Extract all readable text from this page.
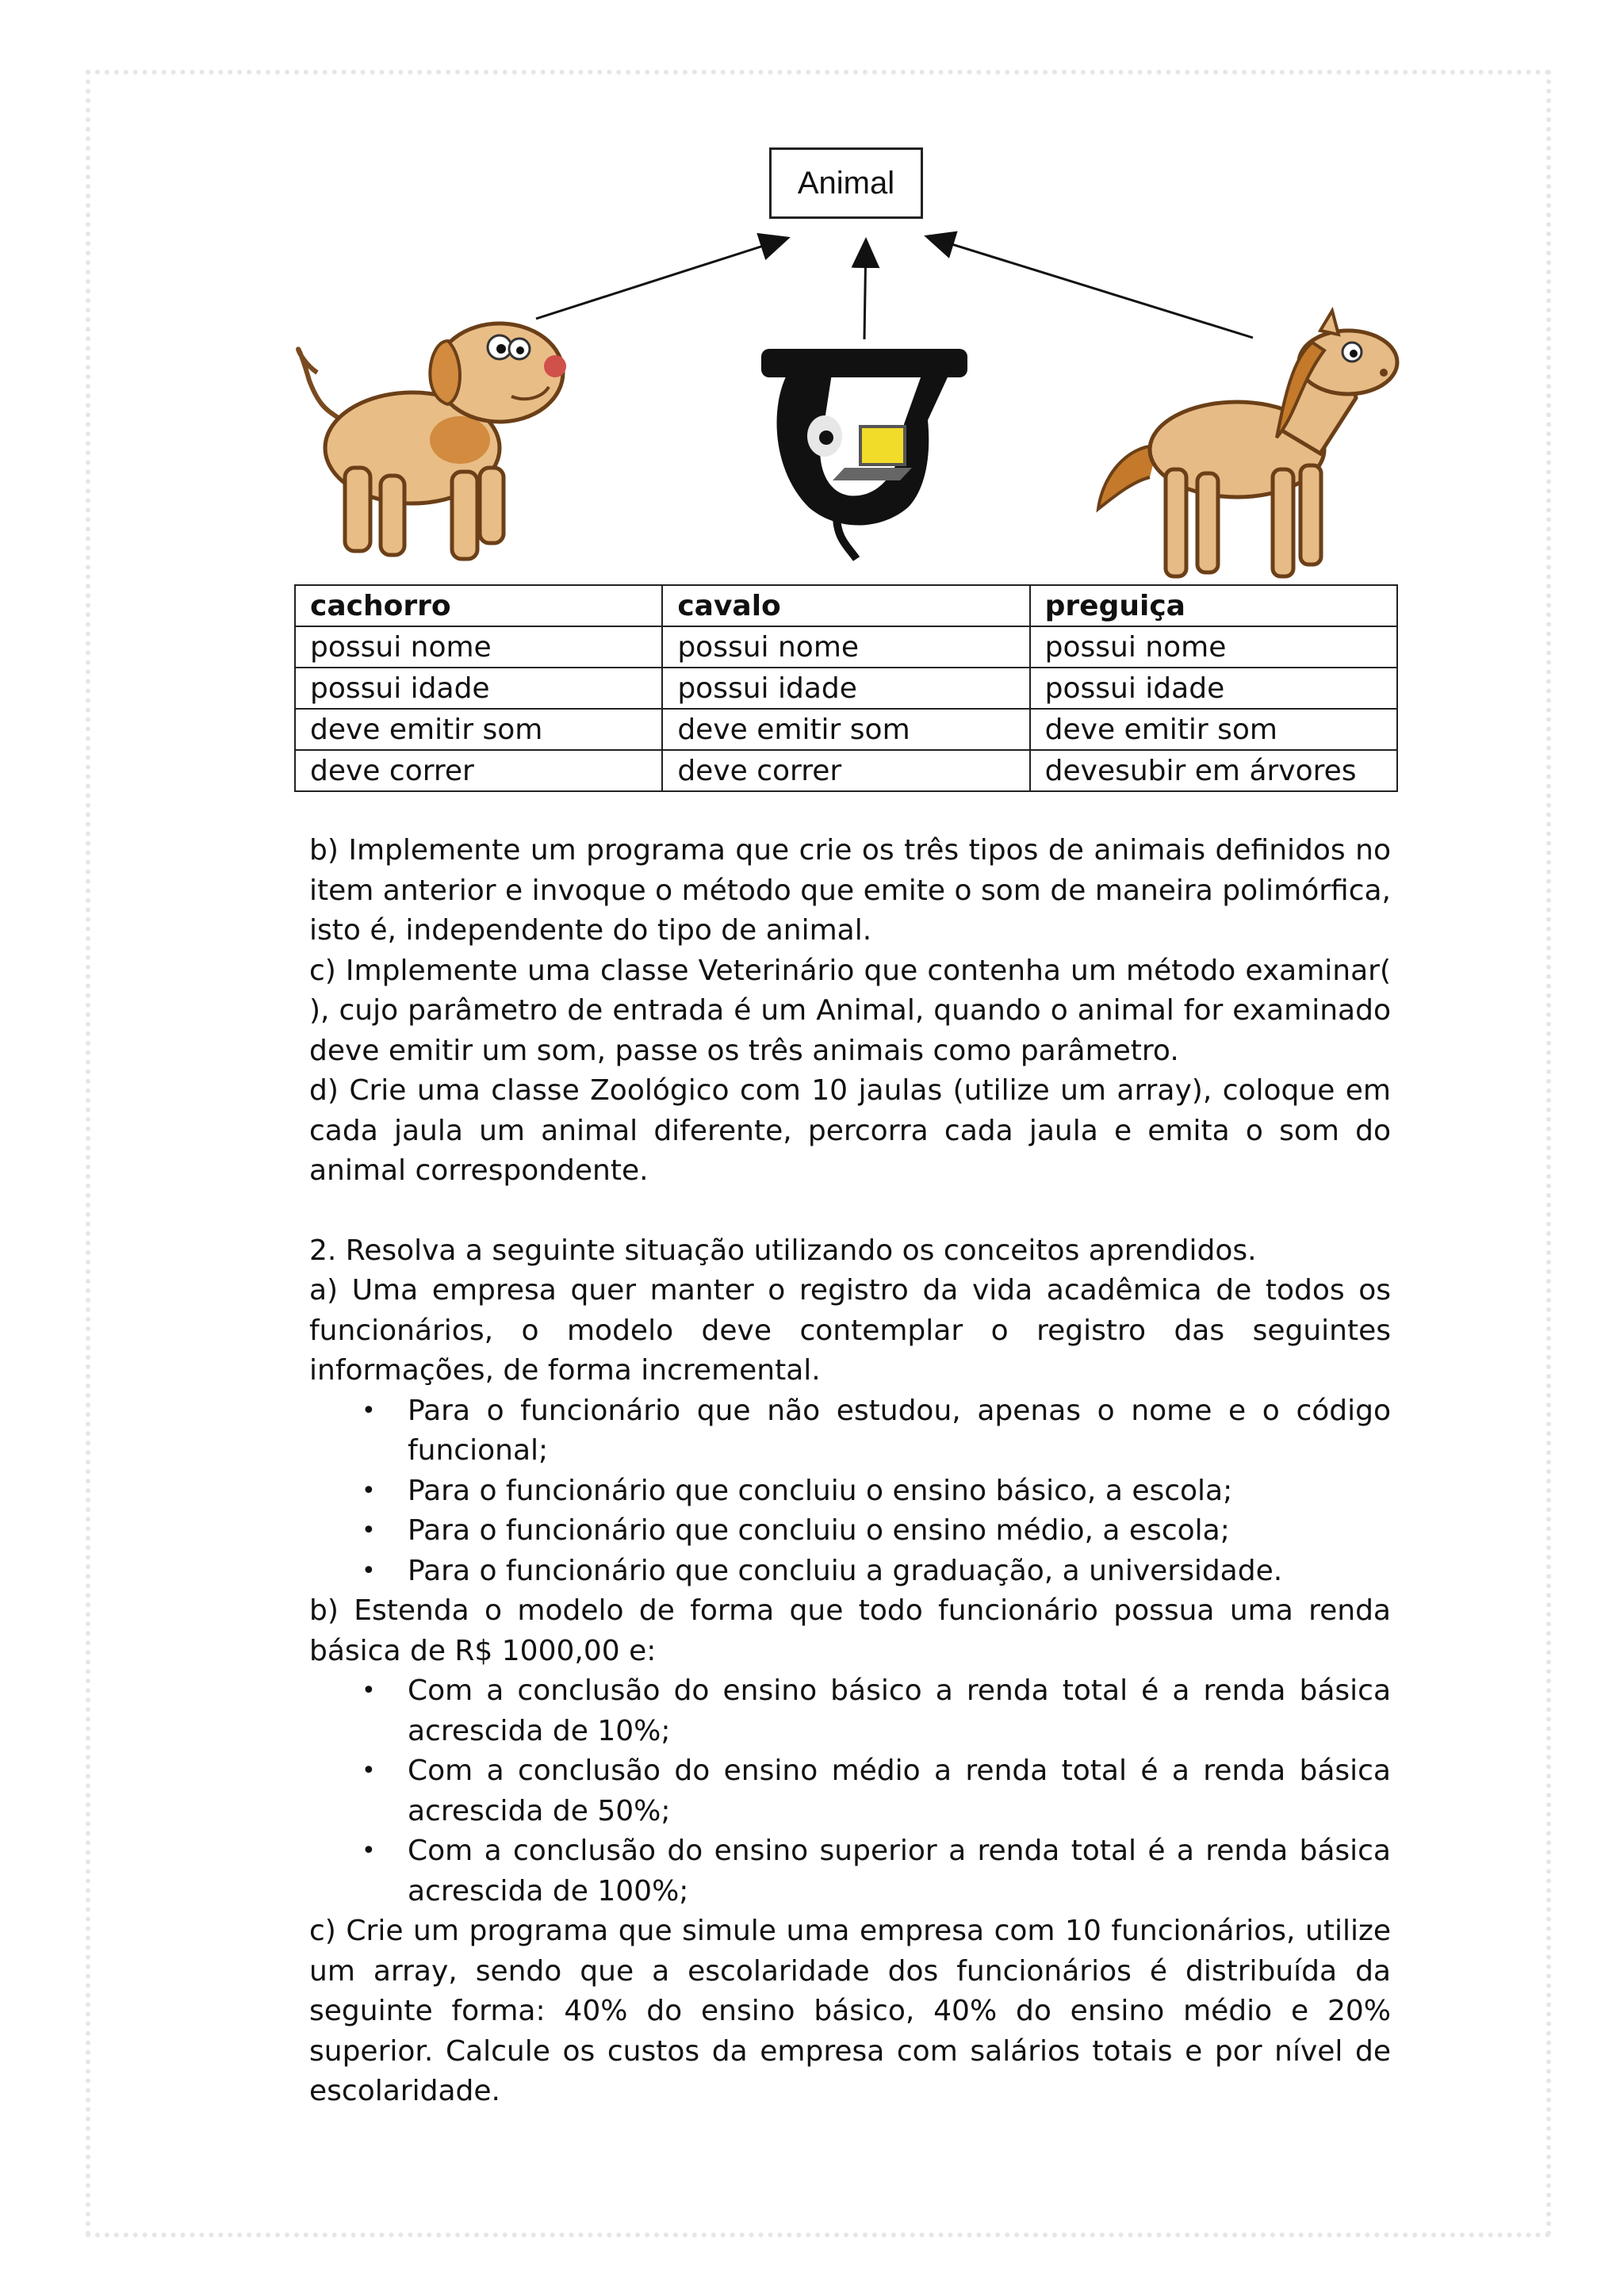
Animal
cachorro	cavalo	preguiça
possui nome	possui nome	possui nome
possui idade	possui idade	possui idade
deve emitir som	deve emitir som	deve emitir som
deve correr	deve correr	devesubir em árvores

b) Implemente um programa que crie os três tipos de animais definidos no item anterior e invoque o método que emite o som de maneira polimórfica, isto é, independente do tipo de animal.

c) Implemente uma classe Veterinário que contenha um método examinar( ), cujo parâmetro de entrada é um Animal, quando o animal for examinado deve emitir um som, passe os três animais como parâmetro.

d) Crie uma classe Zoológico com 10 jaulas (utilize um array), coloque em cada jaula um animal diferente, percorra cada jaula e emita o som do animal correspondente.

2. Resolva a seguinte situação utilizando os conceitos aprendidos.

a) Uma empresa quer manter o registro da vida acadêmica de todos os funcionários, o modelo deve contemplar o registro das seguintes informações, de forma incremental.

• Para o funcionário que não estudou, apenas o nome e o código funcional;
• Para o funcionário que concluiu o ensino básico, a escola;
• Para o funcionário que concluiu o ensino médio, a escola;
• Para o funcionário que concluiu a graduação, a universidade.

b) Estenda o modelo de forma que todo funcionário possua uma renda básica de R$ 1000,00 e:

• Com a conclusão do ensino básico a renda total é a renda básica acrescida de 10%;
• Com a conclusão do ensino médio a renda total é a renda básica acrescida de 50%;
• Com a conclusão do ensino superior a renda total é a renda básica acrescida de 100%;

c) Crie um programa que simule uma empresa com 10 funcionários, utilize um array, sendo que a escolaridade dos funcionários é distribuída da seguinte forma: 40% do ensino básico, 40% do ensino médio e 20% superior. Calcule os custos da empresa com salários totais e por nível de escolaridade.
